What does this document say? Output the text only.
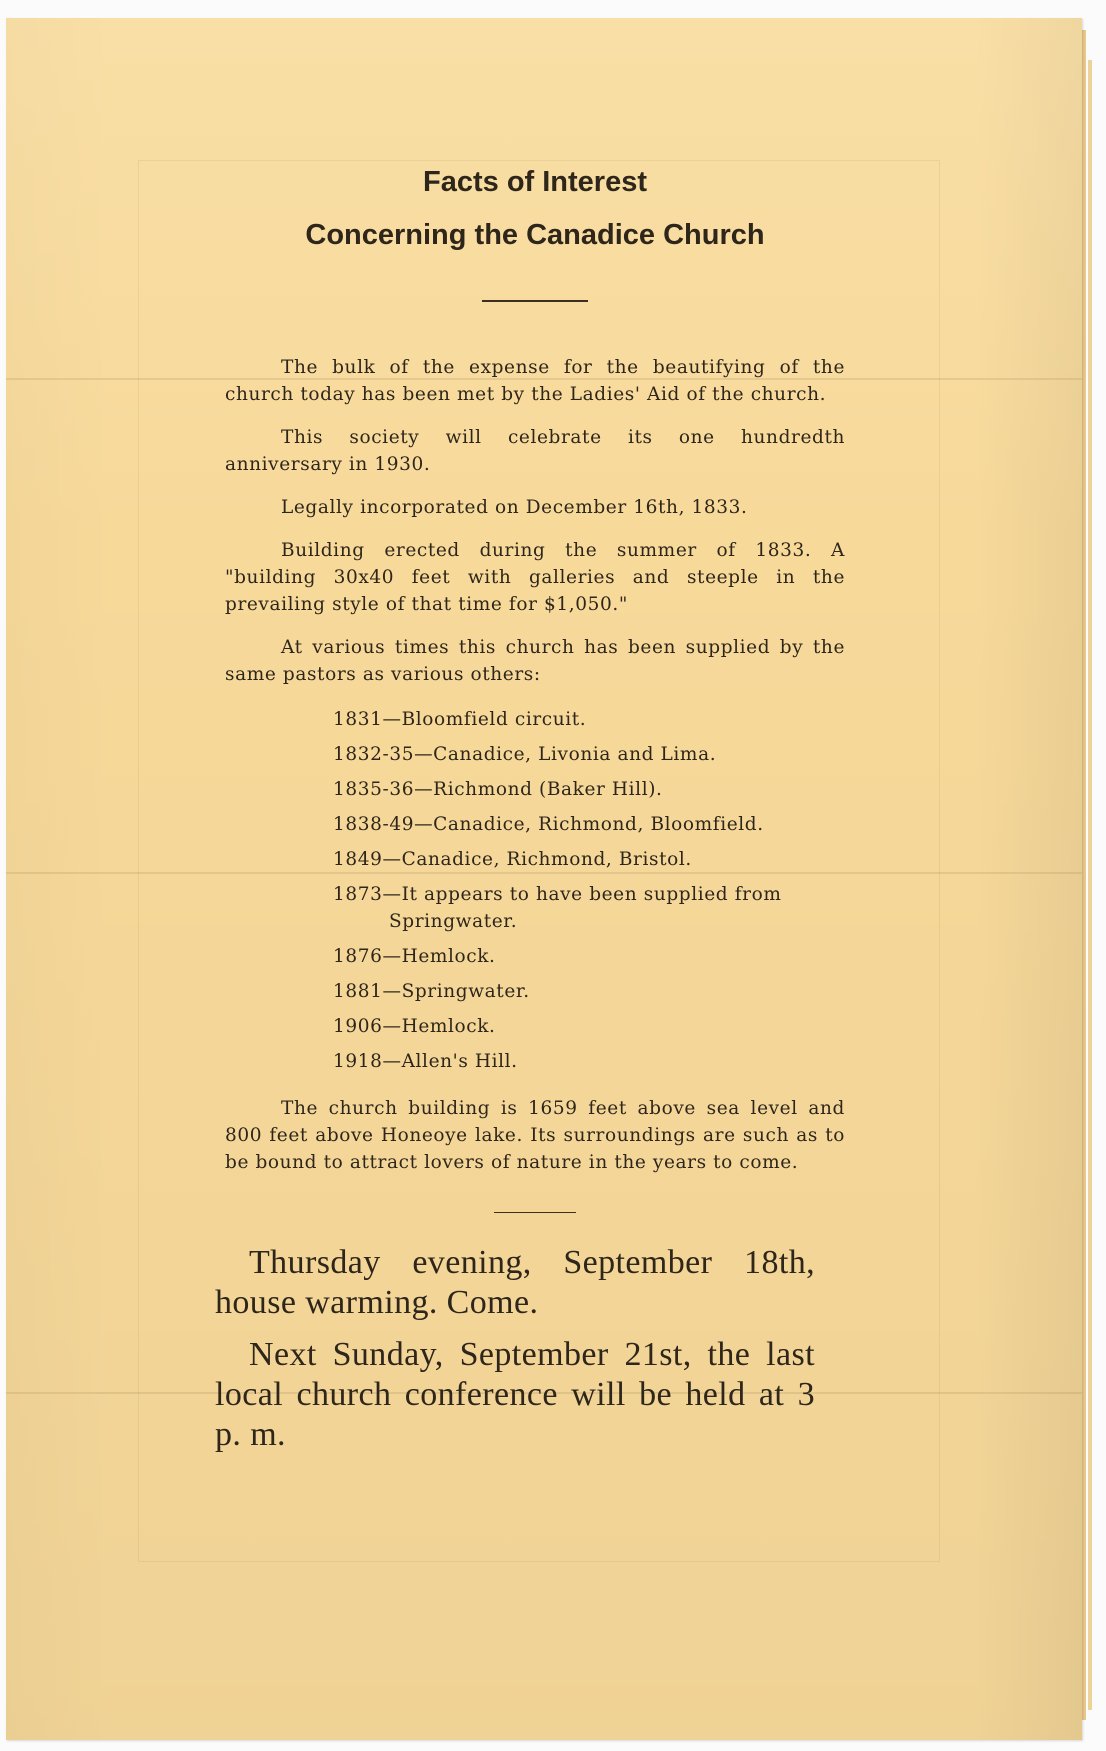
Facts of Interest
Concerning the Canadice Church

The bulk of the expense for the beautifying of the church today has been met by the Ladies' Aid of the church.

This society will celebrate its one hundredth anniversary in 1930.

Legally incorporated on December 16th, 1833.

Building erected during the summer of 1833. A "building 30x40 feet with galleries and steeple in the prevailing style of that time for $1,050."

At various times this church has been supplied by the same pastors as various others:

1831—Bloomfield circuit.
1832-35—Canadice, Livonia and Lima.
1835-36—Richmond (Baker Hill).
1838-49—Canadice, Richmond, Bloomfield.
1849—Canadice, Richmond, Bristol.
1873—It appears to have been supplied from Springwater.
1876—Hemlock.
1881—Springwater.
1906—Hemlock.
1918—Allen's Hill.

The church building is 1659 feet above sea level and 800 feet above Honeoye lake. Its surroundings are such as to be bound to attract lovers of nature in the years to come.

Thursday evening, September 18th, house warming. Come.

Next Sunday, September 21st, the last local church conference will be held at 3 p. m.
